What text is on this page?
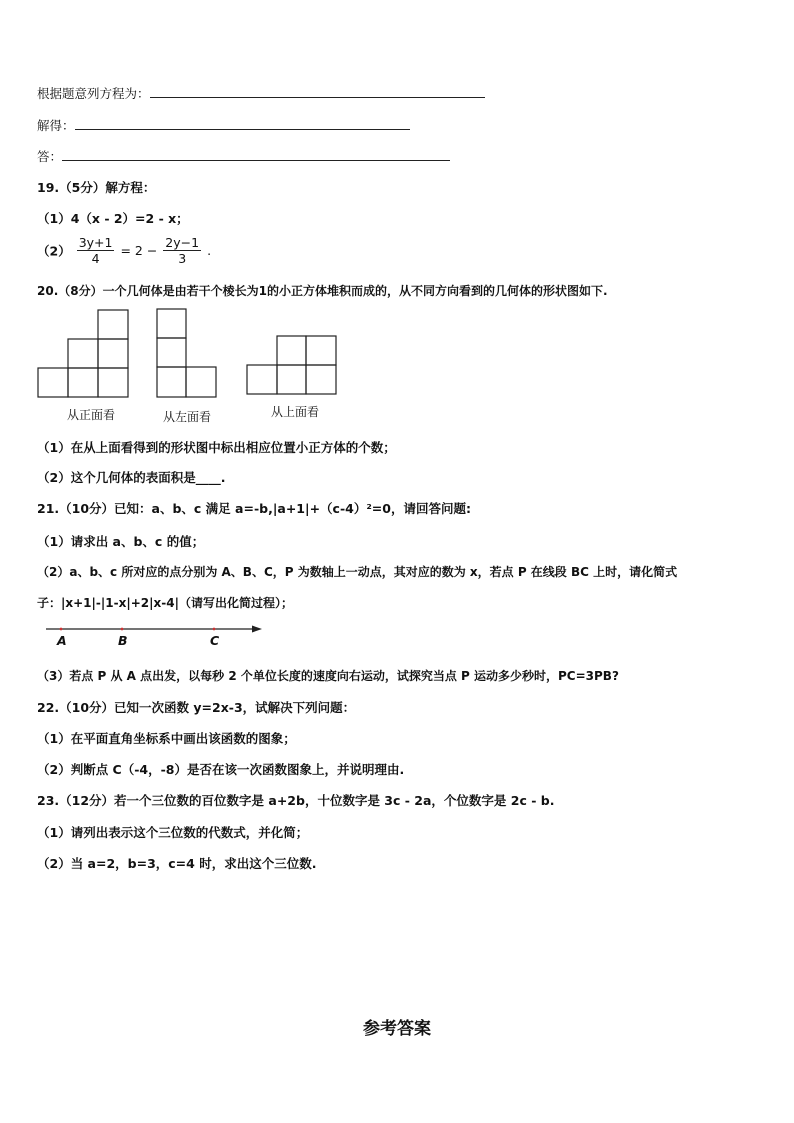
根据题意列方程为：
解得：
答：
19.（5分）解方程：
（1）4（x - 2）=2 - x；
$(2) \frac{3y+1}{4} = 2 - \frac{2y-1}{3}$ .
20.（8分）一个几何体是由若干个棱长为1的小正方体堆积而成的，从不同方向看到的几何体的形状图如下.
从正面看	从左面看	从上面看
（1）在从上面看得到的形状图中标出相应位置小正方体的个数；
（2）这个几何体的表面积是____.
21.（10分）已知：a、b、c 满足 a=-b,|a+1|+（c-4）²=0，请回答问题:
（1）请求出 a、b、c 的值；
（2）a、b、c 所对应的点分别为 A、B、C，P 为数轴上一动点，其对应的数为 x，若点 P 在线段 BC 上时，请化简式
子：|x+1|-|1-x|+2|x-4|（请写出化简过程）；
A	B	C
（3）若点 P 从 A 点出发，以每秒 2 个单位长度的速度向右运动，试探究当点 P 运动多少秒时，PC=3PB?
22.（10分）已知一次函数 y=2x-3，试解决下列问题：
（1）在平面直角坐标系中画出该函数的图象；
（2）判断点 C（-4，-8）是否在该一次函数图象上，并说明理由.
23.（12分）若一个三位数的百位数字是 a+2b，十位数字是 3c - 2a，个位数字是 2c - b.
（1）请列出表示这个三位数的代数式，并化简；
（2）当 a=2，b=3，c=4 时，求出这个三位数.
参考答案
